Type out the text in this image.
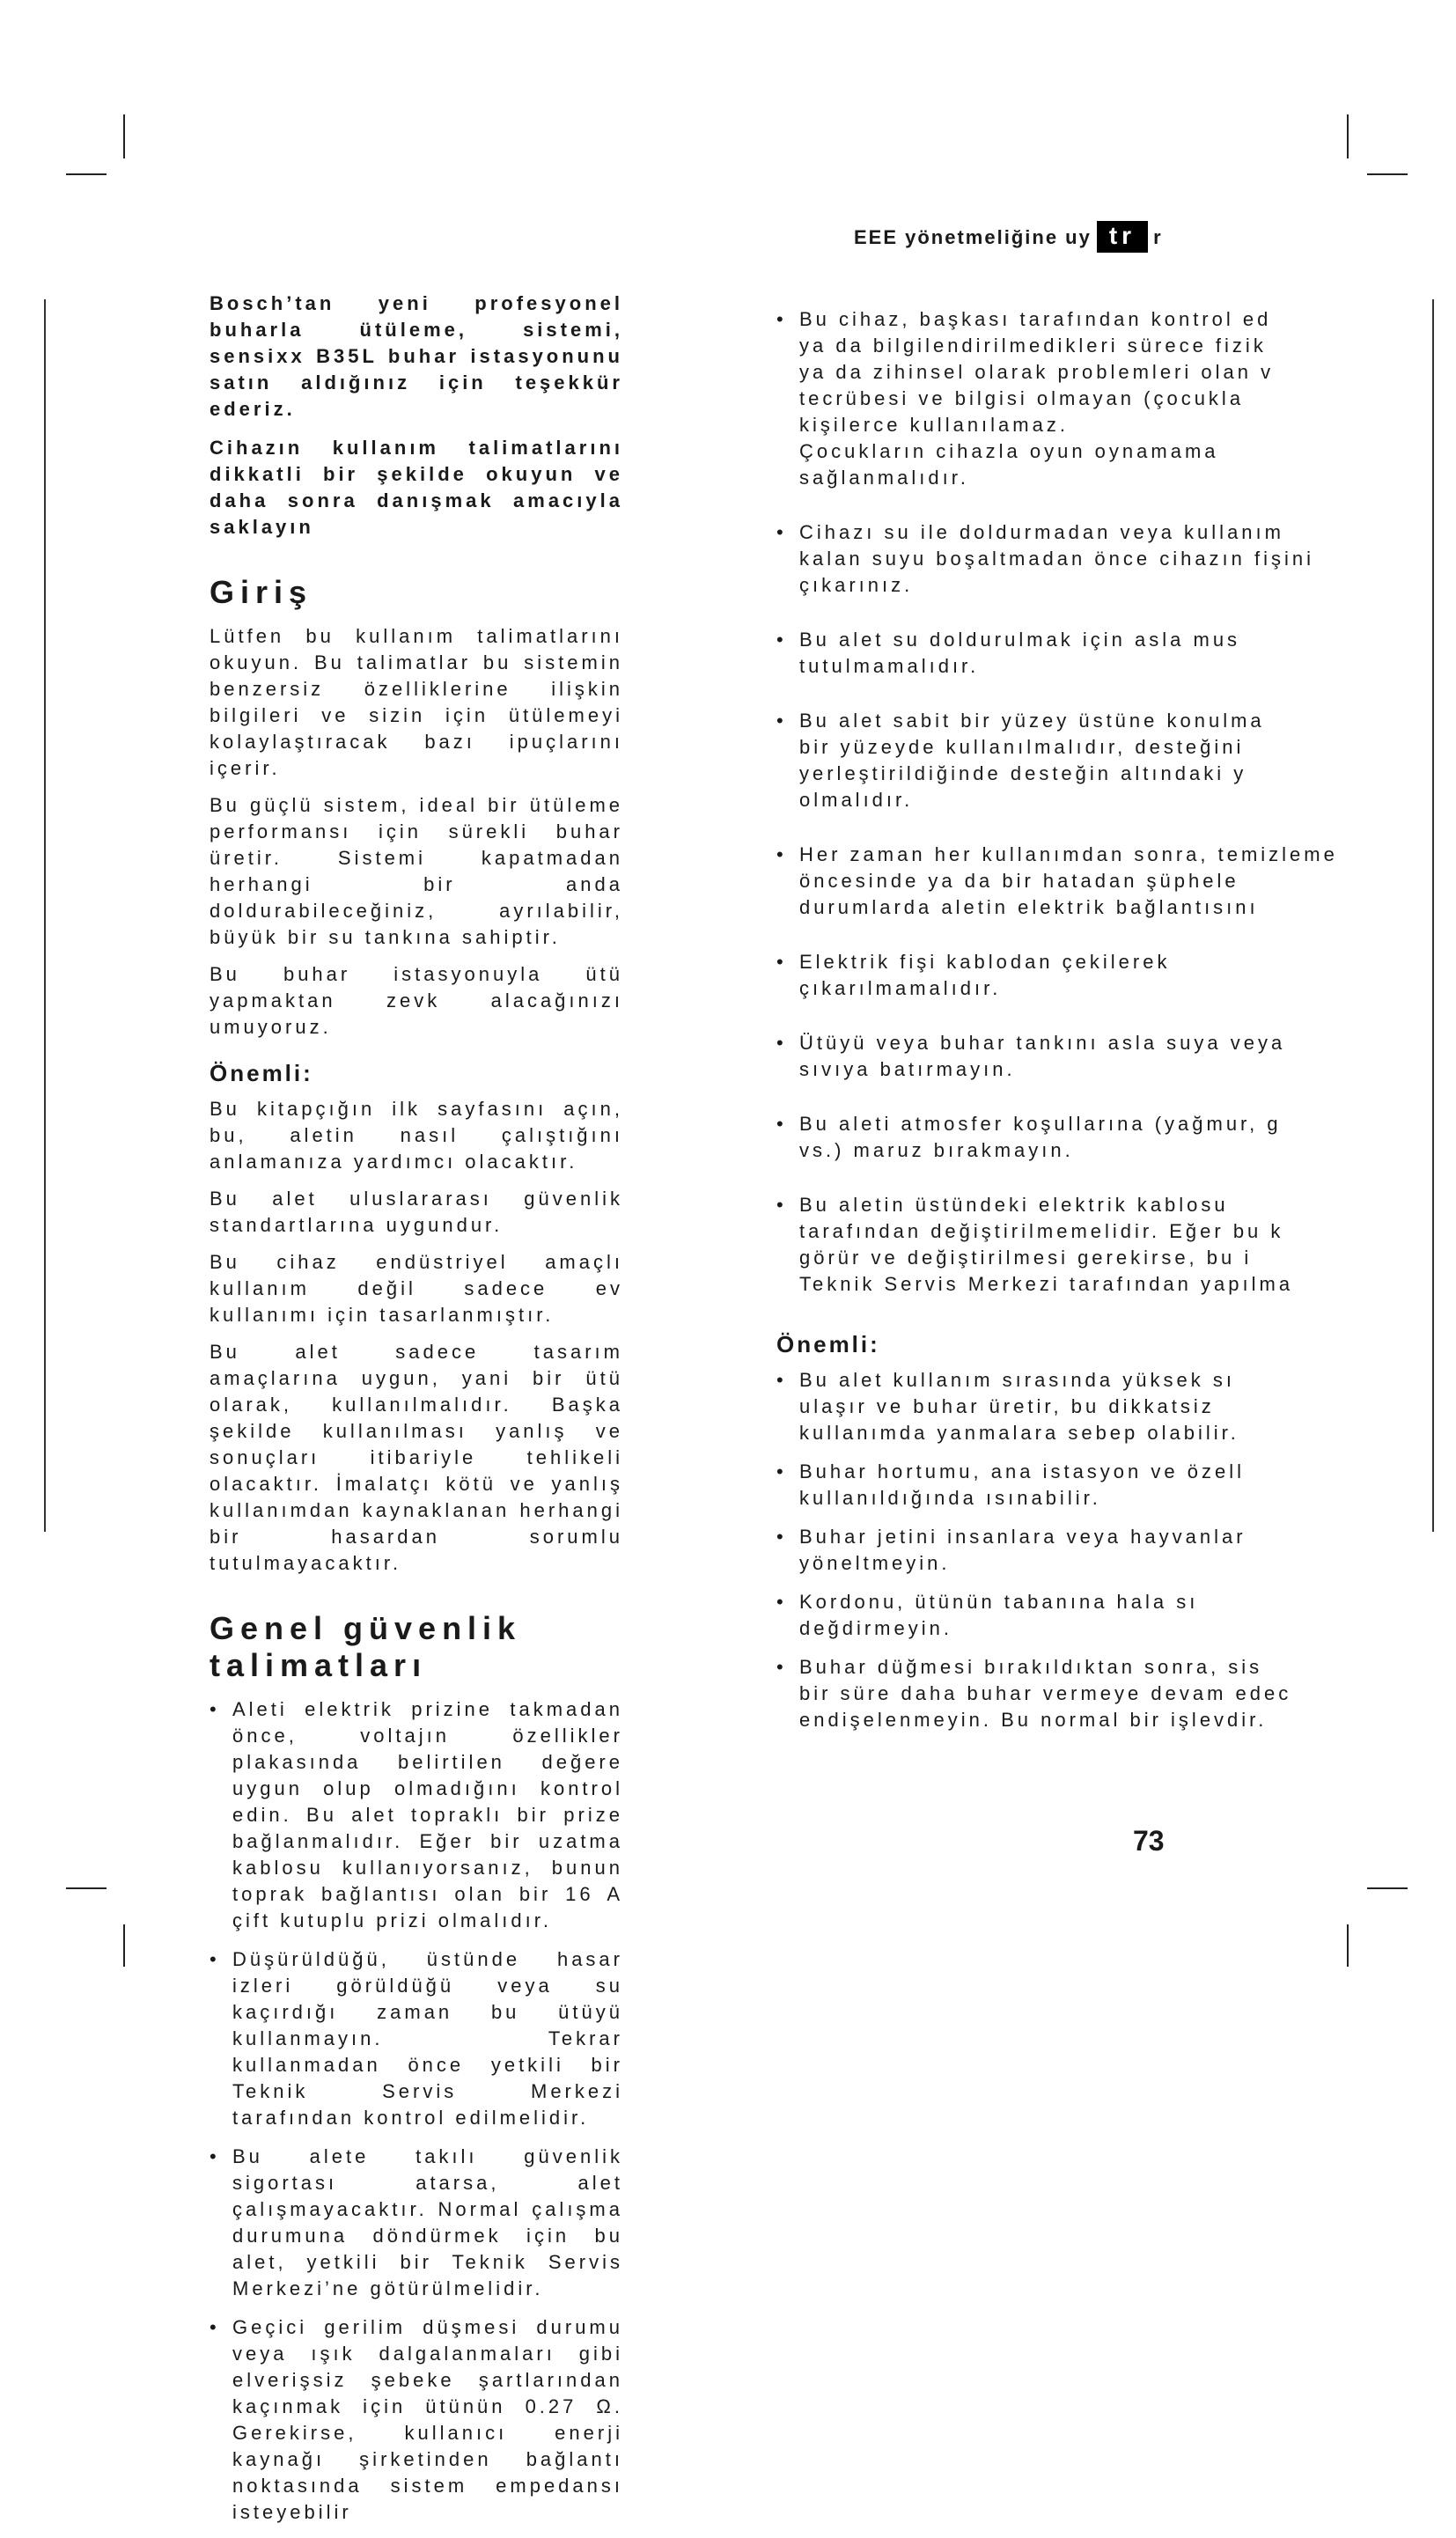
EEE yönetmeliğine uy tr r

Bosch’tan yeni profesyonel buharla ütüleme, sistemi, sensixx B35L buhar istasyonunu satın aldığınız için teşekkür ederiz.

Cihazın kullanım talimatlarını dikkatli bir şekilde okuyun ve daha sonra danışmak amacıyla saklayın

Giriş

Lütfen bu kullanım talimatlarını okuyun. Bu talimatlar bu sistemin benzersiz özelliklerine ilişkin bilgileri ve sizin için ütülemeyi kolaylaştıracak bazı ipuçlarını içerir.

Bu güçlü sistem, ideal bir ütüleme performansı için sürekli buhar üretir. Sistemi kapatmadan herhangi bir anda doldurabileceğiniz, ayrılabilir, büyük bir su tankına sahiptir.

Bu buhar istasyonuyla ütü yapmaktan zevk alacağınızı umuyoruz.

Önemli:

Bu kitapçığın ilk sayfasını açın, bu, aletin nasıl çalıştığını anlamanıza yardımcı olacaktır.

Bu alet uluslararası güvenlik standartlarına uygundur.

Bu cihaz endüstriyel amaçlı kullanım değil sadece ev kullanımı için tasarlanmıştır.

Bu alet sadece tasarım amaçlarına uygun, yani bir ütü olarak, kullanılmalıdır. Başka şekilde kullanılması yanlış ve sonuçları itibariyle tehlikeli olacaktır. İmalatçı kötü ve yanlış kullanımdan kaynaklanan herhangi bir hasardan sorumlu tutulmayacaktır.

Genel güvenlik talimatları
• Aleti elektrik prizine takmadan önce, voltajın özellikler plakasında belirtilen değere uygun olup olmadığını kontrol edin. Bu alet topraklı bir prize bağlanmalıdır. Eğer bir uzatma kablosu kullanıyorsanız, bunun toprak bağlantısı olan bir 16 A çift kutuplu prizi olmalıdır.
• Düşürüldüğü, üstünde hasar izleri görüldüğü veya su kaçırdığı zaman bu ütüyü kullanmayın. Tekrar kullanmadan önce yetkili bir Teknik Servis Merkezi tarafından kontrol edilmelidir.
• Bu alete takılı güvenlik sigortası atarsa, alet çalışmayacaktır. Normal çalışma durumuna döndürmek için bu alet, yetkili bir Teknik Servis Merkezi’ne götürülmelidir.
• Geçici gerilim düşmesi durumu veya ışık dalgalanmaları gibi elverişsiz şebeke şartlarından kaçınmak için ütünün 0.27 Ω. Gerekirse, kullanıcı enerji kaynağı şirketinden bağlantı noktasında sistem empedansı isteyebilir

• Bu cihaz, başkası tarafından kontrol ed
ya da bilgilendirilmedikleri sürece fizik
ya da zihinsel olarak problemleri olan v
tecrübesi ve bilgisi olmayan (çocukla
kişilerce kullanılamaz.
Çocukların cihazla oyun oynamama
sağlanmalıdır.

• Cihazı su ile doldurmadan veya kullanım
kalan suyu boşaltmadan önce cihazın fişini
çıkarınız.

• Bu alet su doldurulmak için asla mus
tutulmamalıdır.

• Bu alet sabit bir yüzey üstüne konulma
bir yüzeyde kullanılmalıdır, desteğini
yerleştirildiğinde desteğin altındaki y
olmalıdır.

• Her zaman her kullanımdan sonra, temizleme
öncesinde ya da bir hatadan şüphele
durumlarda aletin elektrik bağlantısını

• Elektrik fişi kablodan çekilerek
çıkarılmamalıdır.

• Ütüyü veya buhar tankını asla suya veya
sıvıya batırmayın.

• Bu aleti atmosfer koşullarına (yağmur, g
vs.) maruz bırakmayın.

• Bu aletin üstündeki elektrik kablosu
tarafından değiştirilmemelidir. Eğer bu k
görür ve değiştirilmesi gerekirse, bu i
Teknik Servis Merkezi tarafından yapılma

Önemli:
• Bu alet kullanım sırasında yüksek sı
ulaşır ve buhar üretir, bu dikkatsiz
kullanımda yanmalara sebep olabilir.
• Buhar hortumu, ana istasyon ve özell
kullanıldığında ısınabilir.
• Buhar jetini insanlara veya hayvanlar
yöneltmeyin.
• Kordonu, ütünün tabanına hala sı
değdirmeyin.
• Buhar düğmesi bırakıldıktan sonra, sis
bir süre daha buhar vermeye devam edec
endişelenmeyin. Bu normal bir işlevdir.
73
